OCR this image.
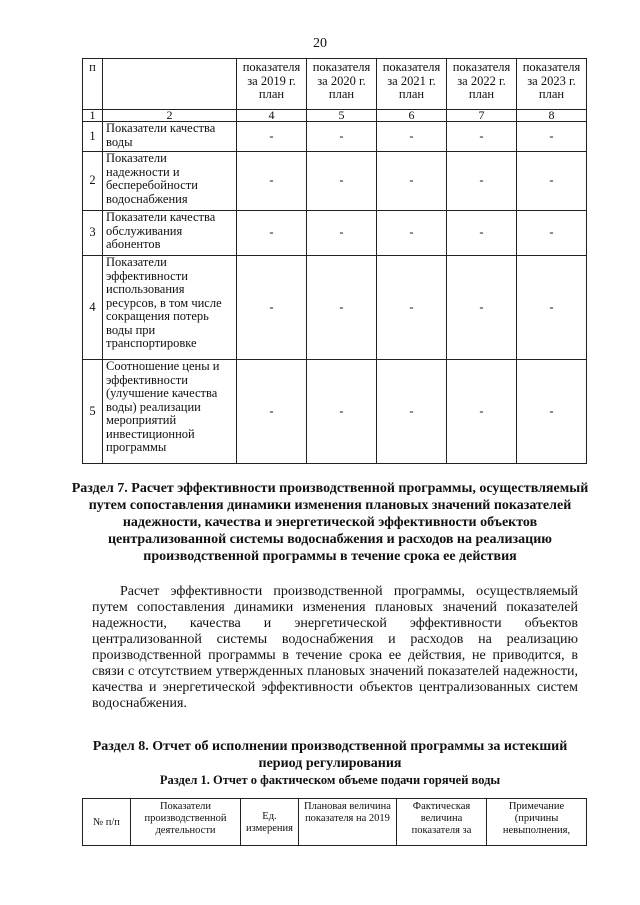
20
п		показателя за 2019 г. план	показателя за 2020 г. план	показателя за 2021 г. план	показателя за 2022 г. план	показателя за 2023 г. план
1	2	4	5	6	7	8
1	Показатели качества воды	-	-	-	-	-
2	Показатели надежности и бесперебойности водоснабжения	-	-	-	-	-
3	Показатели качества обслуживания абонентов	-	-	-	-	-
4	Показатели эффективности использования ресурсов, в том числе сокращения потерь воды при транспортировке	-	-	-	-	-
5	Соотношение цены и эффективности (улучшение качества воды) реализации мероприятий инвестиционной программы	-	-	-	-	-
Раздел 7. Расчет эффективности производственной программы, осуществляемый путем сопоставления динамики изменения плановых значений показателей надежности, качества и энергетической эффективности объектов централизованной системы водоснабжения и расходов на реализацию производственной программы в течение срока ее действия

Расчет эффективности производственной программы, осуществляемый путем сопоставления динамики изменения плановых значений показателей надежности, качества и энергетической эффективности объектов централизованной системы водоснабжения и расходов на реализацию производственной программы в течение срока ее действия, не приводится, в связи с отсутствием утвержденных плановых значений показателей надежности, качества и энергетической эффективности объектов централизованных систем водоснабжения.

Раздел 8. Отчет об исполнении производственной программы за истекший период регулирования
Раздел 1. Отчет о фактическом объеме подачи горячей воды
№ п/п	Показатели производственной деятельности	Ед. измерения	Плановая величина показателя на 2019	Фактическая величина показателя за	Примечание (причины невыполнения,
